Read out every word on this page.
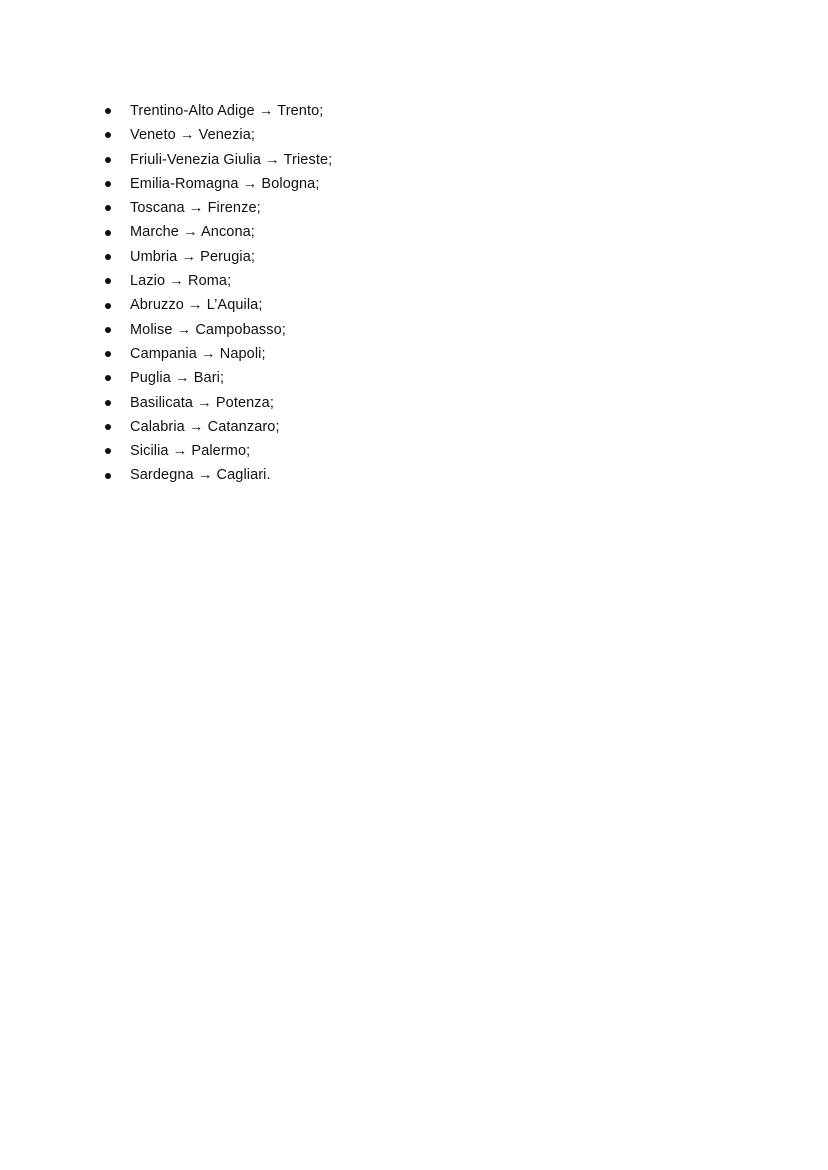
Trentino-Alto Adige → Trento;
Veneto → Venezia;
Friuli-Venezia Giulia → Trieste;
Emilia-Romagna → Bologna;
Toscana → Firenze;
Marche → Ancona;
Umbria → Perugia;
Lazio → Roma;
Abruzzo → L’Aquila;
Molise → Campobasso;
Campania → Napoli;
Puglia → Bari;
Basilicata → Potenza;
Calabria → Catanzaro;
Sicilia → Palermo;
Sardegna → Cagliari.
